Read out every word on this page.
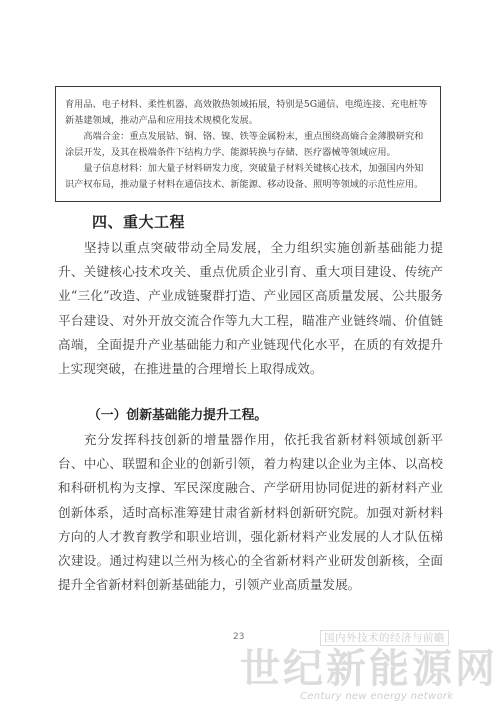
育用品、电子材料、柔性机器、高效散热领域拓展，特别是5G通信、电缆连接、充电桩等新基建领域，推动产品和应用技术规模化发展。

高端合金：重点发展钴、铜、铬、镍、铁等金属粉末，重点围绕高熵合金薄膜研究和涂层开发，及其在极端条件下结构力学、能源转换与存储、医疗器械等领域应用。

量子信息材料：加大量子材料研发力度，突破量子材料关键核心技术，加强国内外知识产权布局，推动量子材料在通信技术、新能源、移动设备、照明等领域的示范性应用。

四、重大工程
坚持以重点突破带动全局发展，全力组织实施创新基础能力提升、关键核心技术攻关、重点优质企业引育、重大项目建设、传统产业“三化”改造、产业成链聚群打造、产业园区高质量发展、公共服务平台建设、对外开放交流合作等九大工程，瞄准产业链终端、价值链高端，全面提升产业基础能力和产业链现代化水平，在质的有效提升上实现突破，在推进量的合理增长上取得成效。
（一）创新基础能力提升工程。
充分发挥科技创新的增量器作用，依托我省新材料领域创新平台、中心、联盟和企业的创新引领，着力构建以企业为主体、以高校和科研机构为支撑、军民深度融合、产学研用协同促进的新材料产业创新体系，适时高标准筹建甘肃省新材料创新研究院。加强对新材料方向的人才教育教学和职业培训，强化新材料产业发展的人才队伍梯次建设。通过构建以兰州为核心的全省新材料产业研发创新核，全面提升全省新材料创新基础能力，引领产业高质量发展。
23	国内外技术的经济与前瞻
世纪新能源网
Century new energy network
